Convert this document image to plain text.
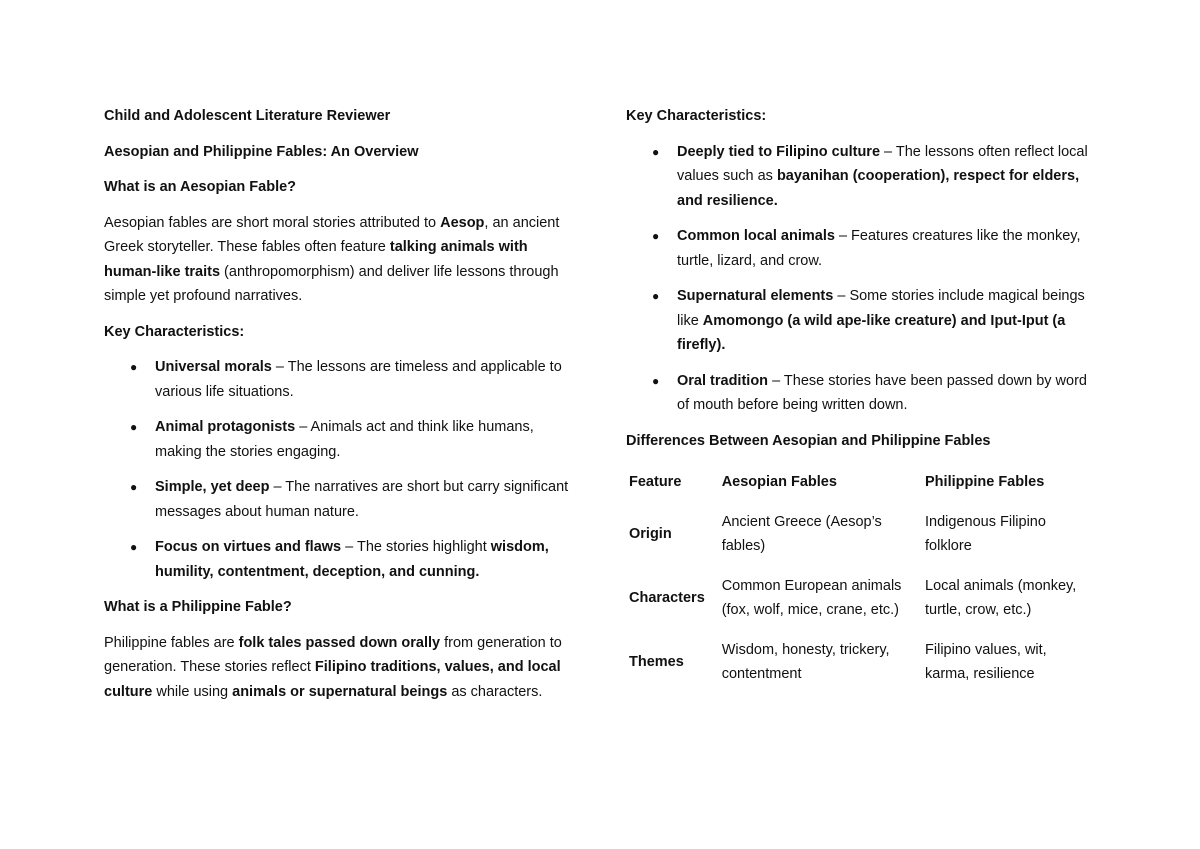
Child and Adolescent Literature Reviewer
Aesopian and Philippine Fables: An Overview
What is an Aesopian Fable?

Aesopian fables are short moral stories attributed to Aesop, an ancient Greek storyteller. These fables often feature talking animals with human-like traits (anthropomorphism) and deliver life lessons through simple yet profound narratives.

Key Characteristics:
● Universal morals – The lessons are timeless and applicable to various life situations.
● Animal protagonists – Animals act and think like humans, making the stories engaging.
● Simple, yet deep – The narratives are short but carry significant messages about human nature.
● Focus on virtues and flaws – The stories highlight wisdom, humility, contentment, deception, and cunning.
What is a Philippine Fable?

Philippine fables are folk tales passed down orally from generation to generation. These stories reflect Filipino traditions, values, and local culture while using animals or supernatural beings as characters.

Key Characteristics:
● Deeply tied to Filipino culture – The lessons often reflect local values such as bayanihan (cooperation), respect for elders, and resilience.
● Common local animals – Features creatures like the monkey, turtle, lizard, and crow.
● Supernatural elements – Some stories include magical beings like Amomongo (a wild ape-like creature) and Iput-Iput (a firefly).
● Oral tradition – These stories have been passed down by word of mouth before being written down.
Differences Between Aesopian and Philippine Fables
Feature	Aesopian Fables	Philippine Fables
Origin	Ancient Greece (Aesop’s fables)	Indigenous Filipino folklore
Characters	Common European animals (fox, wolf, mice, crane, etc.)	Local animals (monkey, turtle, crow, etc.)
Themes	Wisdom, honesty, trickery, contentment	Filipino values, wit, karma, resilience
